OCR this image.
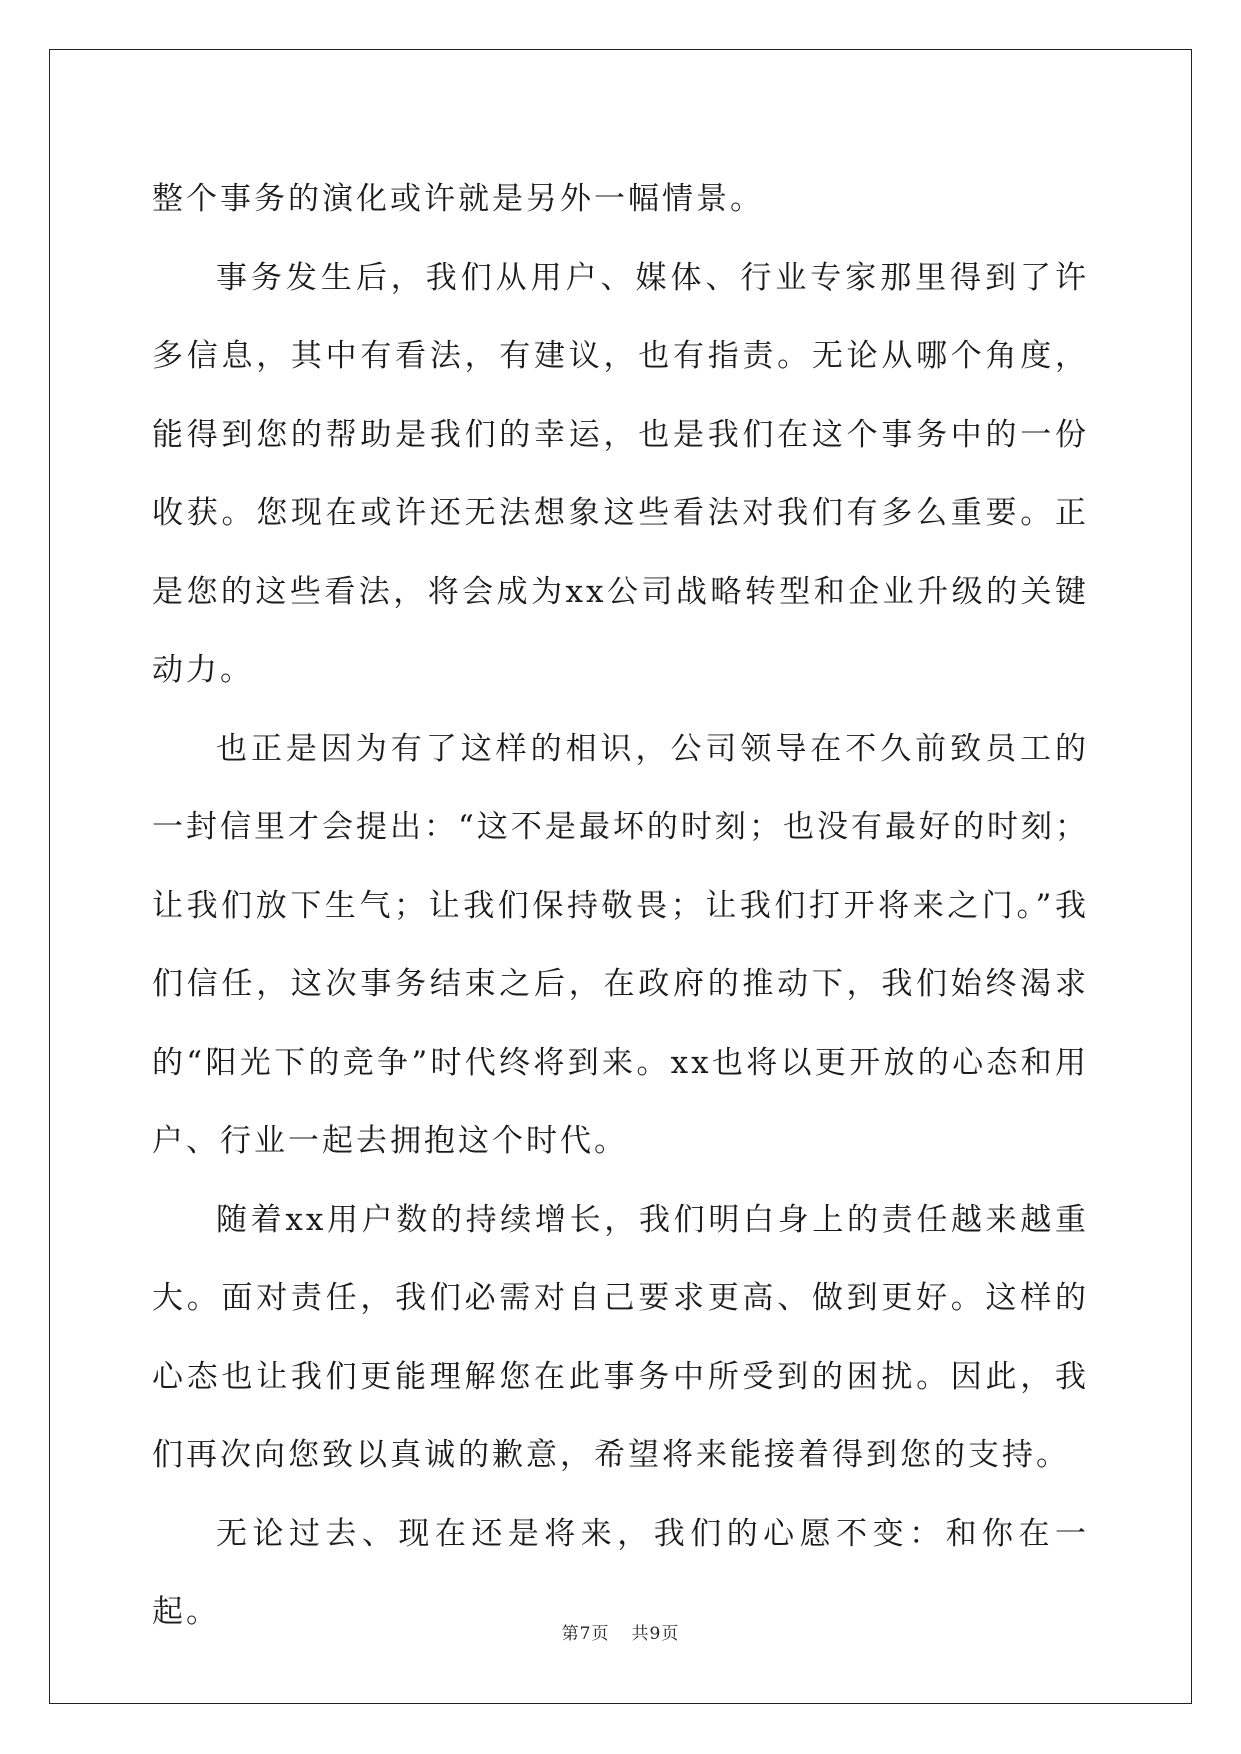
整个事务的演化或许就是另外一幅情景。

事务发生后，我们从用户、媒体、行业专家那里得到了许多信息，其中有看法，有建议，也有指责。无论从哪个角度，能得到您的帮助是我们的幸运，也是我们在这个事务中的一份收获。您现在或许还无法想象这些看法对我们有多么重要。正是您的这些看法，将会成为xx公司战略转型和企业升级的关键动力。

也正是因为有了这样的相识，公司领导在不久前致员工的一封信里才会提出：“这不是最坏的时刻；也没有最好的时刻；让我们放下生气；让我们保持敬畏；让我们打开将来之门。”我们信任，这次事务结束之后，在政府的推动下，我们始终渴求的“阳光下的竞争”时代终将到来。xx也将以更开放的心态和用户、行业一起去拥抱这个时代。

随着xx用户数的持续增长，我们明白身上的责任越来越重大。面对责任，我们必需对自己要求更高、做到更好。这样的心态也让我们更能理解您在此事务中所受到的困扰。因此，我们再次向您致以真诚的歉意，希望将来能接着得到您的支持。

无论过去、现在还是将来，我们的心愿不变：和你在一起。

第7页 共9页
